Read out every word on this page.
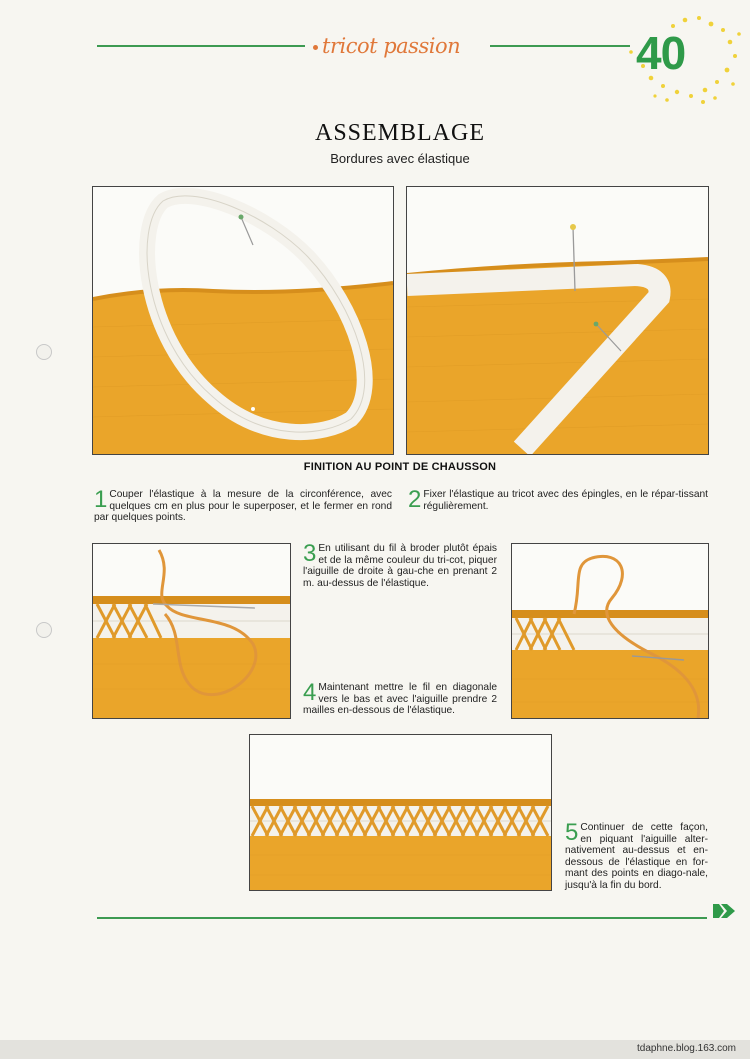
tricot passion	40
ASSEMBLAGE
Bordures avec élastique
FINITION AU POINT DE CHAUSSON
1 Couper l'élastique à la mesure de la circonférence, avec quelques cm en plus pour le superposer, et le fermer en rond par quelques points.
2 Fixer l'élastique au tricot avec des épingles, en le répar-tissant régulièrement.
3 En utilisant du fil à broder plutôt épais et de la même couleur du tri-cot, piquer l'aiguille de droite à gau-che en prenant 2 m. au-dessus de l'élastique.
4 Maintenant mettre le fil en diagonale vers le bas et avec l'aiguille prendre 2 mailles en-dessous de l'élastique.
5 Continuer de cette façon, en piquant l'aiguille alter-nativement au-dessus et en-dessous de l'élastique en for-mant des points en diago-nale, jusqu'à la fin du bord.
tdaphne.blog.163.com
